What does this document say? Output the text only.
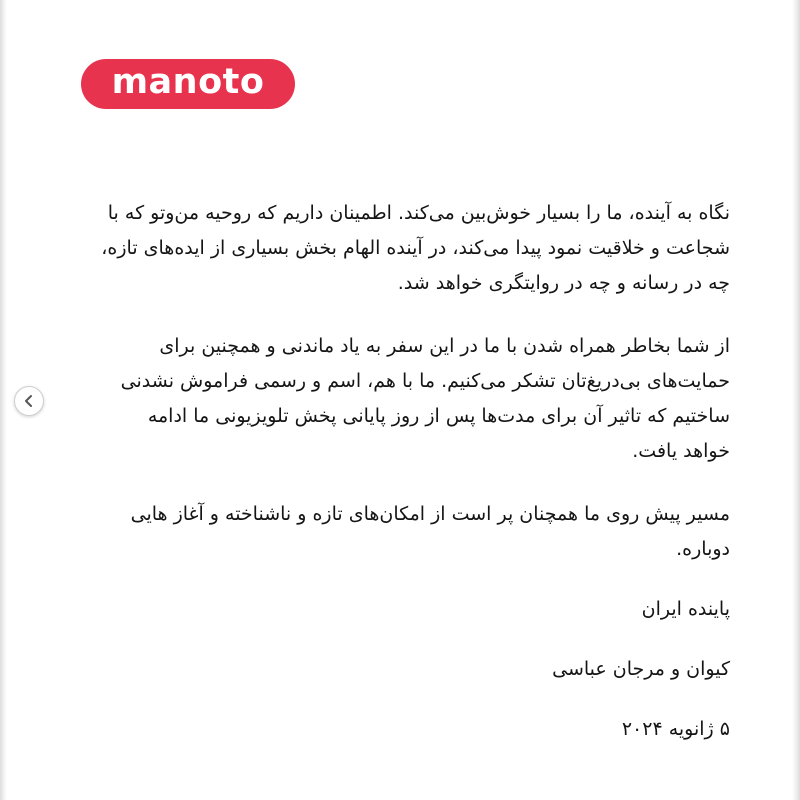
manoto

نگاه به آینده، ما را بسیار خوش‌بین می‌کند. اطمینان داریم که روحیه من‌وتو که با شجاعت و خلاقیت نمود پیدا می‌کند، در آینده الهام بخش بسیاری از ایده‌های تازه، چه در رسانه و چه در روایتگری خواهد شد.

از شما بخاطر همراه شدن با ما در این سفر به یاد ماندنی و همچنین برای حمایت‌های بی‌دریغ‌تان تشکر می‌کنیم. ما با هم، اسم و رسمی فراموش نشدنی ساختیم که تاثیر آن برای مدت‌ها پس از روز پایانی پخش تلویزیونی ما ادامه خواهد یافت.

مسیر پیش روی ما همچنان پر است از امکان‌های تازه و ناشناخته و آغاز هایی دوباره.

پاینده ایران

کیوان و مرجان عباسی

۵ ژانویه ۲۰۲۴
